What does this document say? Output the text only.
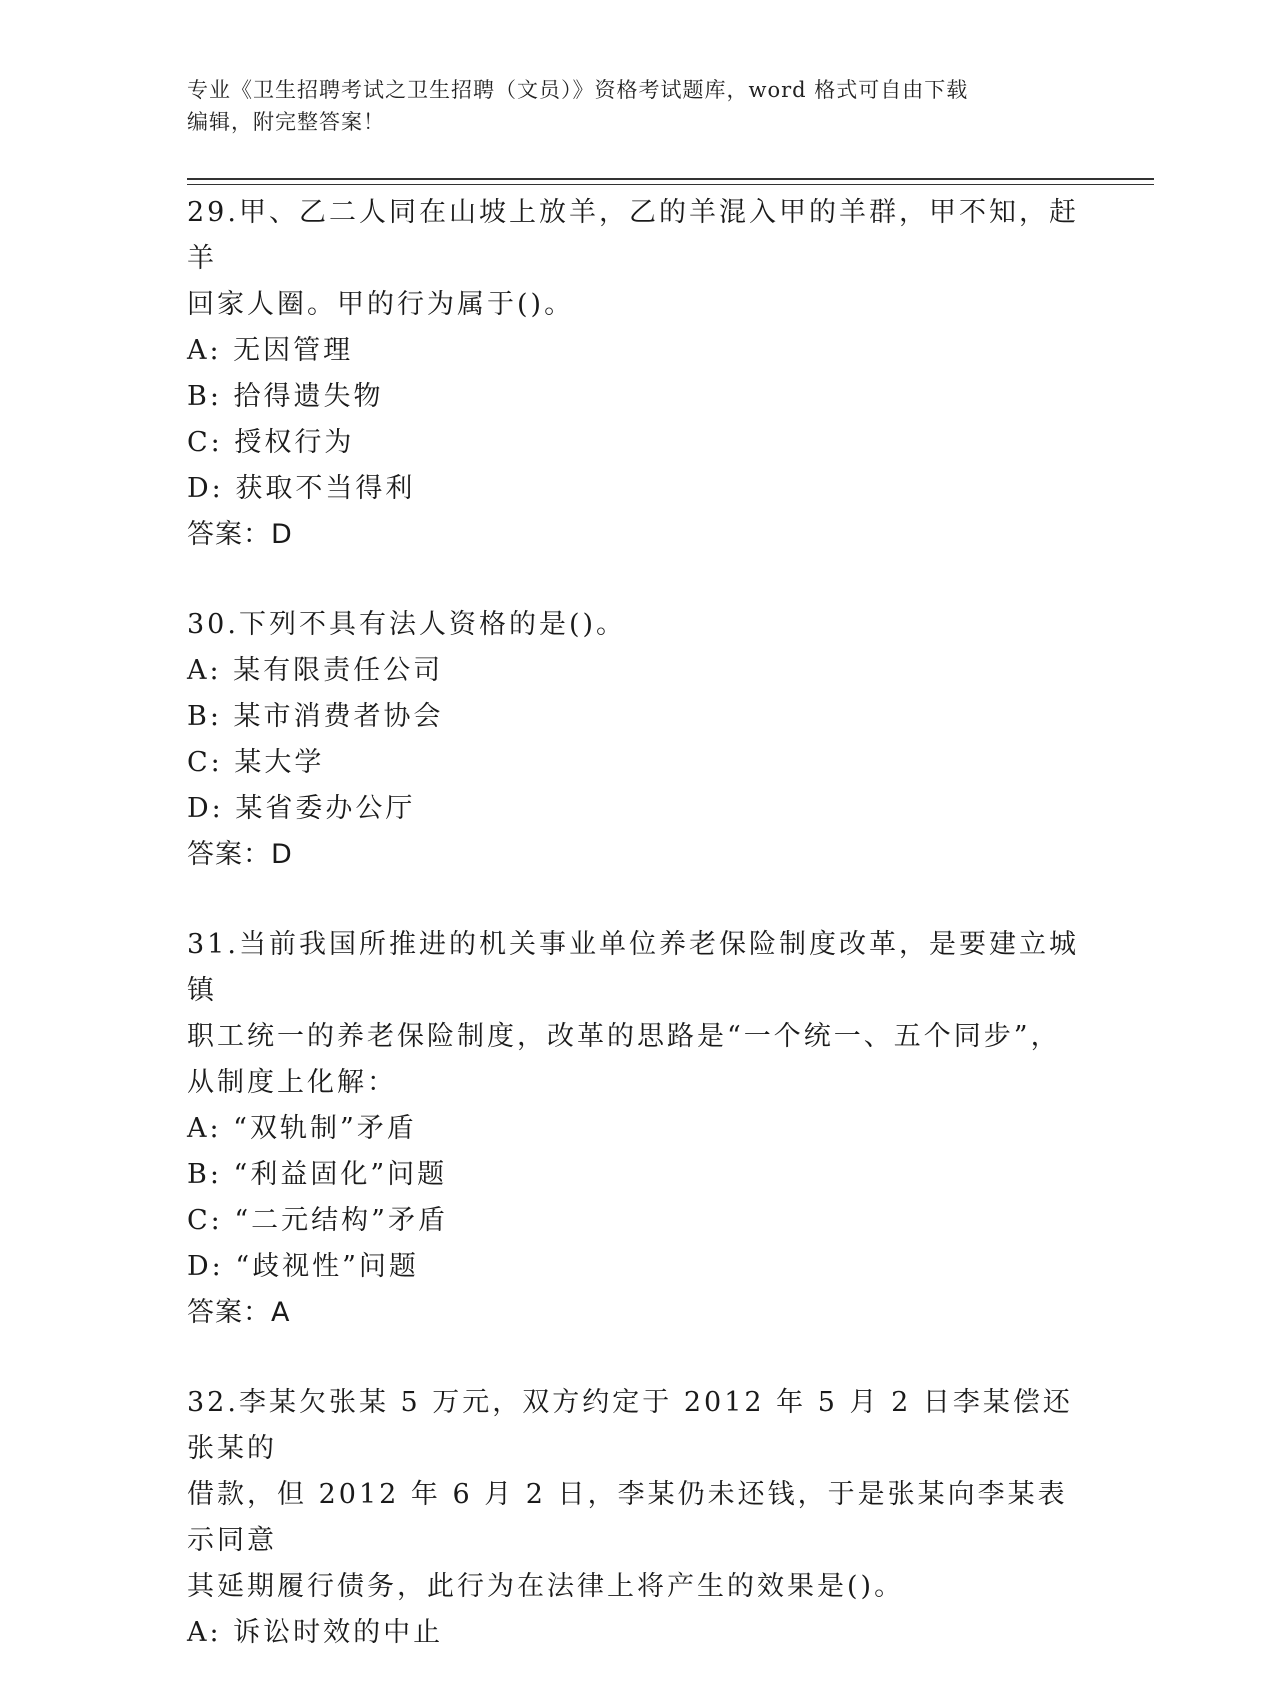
专业《卫生招聘考试之卫生招聘（文员）》资格考试题库，word 格式可自由下载
编辑，附完整答案！

29.甲、乙二人同在山坡上放羊，乙的羊混入甲的羊群，甲不知，赶羊

回家人圈。甲的行为属于()。

A: 无因管理

B: 拾得遗失物

C: 授权行为

D: 获取不当得利

答案：D

30.下列不具有法人资格的是()。

A: 某有限责任公司

B: 某市消费者协会

C: 某大学

D: 某省委办公厅

答案：D

31.当前我国所推进的机关事业单位养老保险制度改革，是要建立城镇

职工统一的养老保险制度，改革的思路是“一个统一、五个同步”，

从制度上化解：

A: “双轨制”矛盾

B: “利益固化”问题

C: “二元结构”矛盾

D: “歧视性”问题

答案：A

32.李某欠张某 5 万元，双方约定于 2012 年 5 月 2 日李某偿还张某的

借款，但 2012 年 6 月 2 日，李某仍未还钱，于是张某向李某表示同意

其延期履行债务，此行为在法律上将产生的效果是()。

A: 诉讼时效的中止
